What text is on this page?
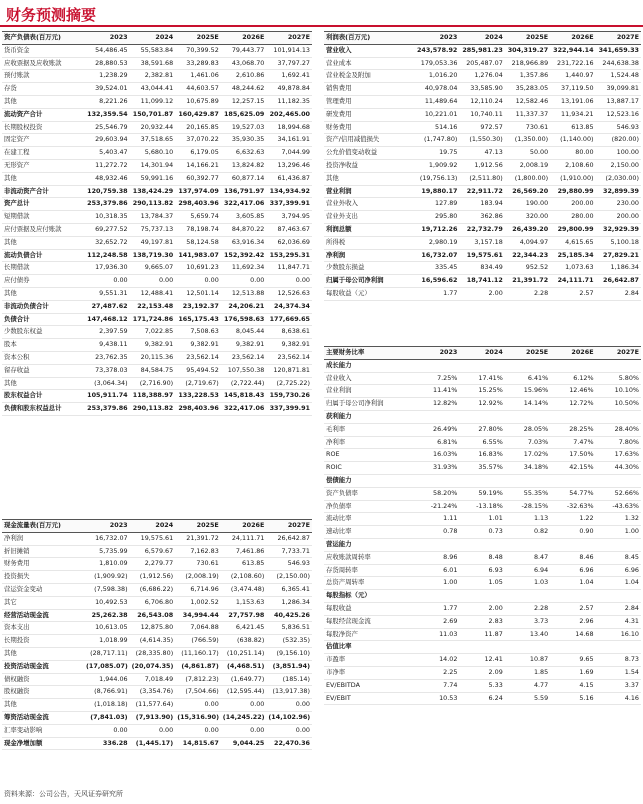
财务预测摘要
资产负债表(百万元)	2023	2024	2025E	2026E	2027E
货币资金	54,486.45	55,583.84	70,399.52	79,443.77	101,914.13
应收票据及应收账款	28,880.53	38,591.68	33,289.83	43,068.70	37,797.27
预付账款	1,238.29	2,382.81	1,461.06	2,610.86	1,692.41
存货	39,524.01	43,044.41	44,603.57	48,244.62	49,878.84
其他	8,221.26	11,099.12	10,675.89	12,257.15	11,182.35
流动资产合计	132,359.54	150,701.87	160,429.87	185,625.09	202,465.00
长期股权投资	25,546.79	20,932.44	20,165.85	19,527.03	18,994.68
固定资产	29,603.94	37,518.65	37,070.22	35,930.35	34,161.91
在建工程	5,403.47	5,680.10	6,179.05	6,632.63	7,044.99
无形资产	11,272.72	14,301.94	14,166.21	13,824.82	13,296.46
其他	48,932.46	59,991.16	60,392.77	60,877.14	61,436.87
非流动资产合计	120,759.38	138,424.29	137,974.09	136,791.97	134,934.92
资产总计	253,379.86	290,113.82	298,403.96	322,417.06	337,399.91
短期借款	10,318.35	13,784.37	5,659.74	3,605.85	3,794.95
应付票据及应付账款	69,277.52	75,737.13	78,198.74	84,870.22	87,463.67
其他	32,652.72	49,197.81	58,124.58	63,916.34	62,036.69
流动负债合计	112,248.58	138,719.30	141,983.07	152,392.42	153,295.31
长期借款	17,936.30	9,665.07	10,691.23	11,692.34	11,847.71
应付债券	0.00	0.00	0.00	0.00	0.00
其他	9,551.31	12,488.41	12,501.14	12,513.88	12,526.63
非流动负债合计	27,487.62	22,153.48	23,192.37	24,206.21	24,374.34
负债合计	147,468.12	171,724.86	165,175.43	176,598.63	177,669.65
少数股东权益	2,397.59	7,022.85	7,508.63	8,045.44	8,638.61
股本	9,438.11	9,382.91	9,382.91	9,382.91	9,382.91
资本公积	23,762.35	20,115.36	23,562.14	23,562.14	23,562.14
留存收益	73,378.03	84,584.75	95,494.52	107,550.38	120,871.81
其他	(3,064.34)	(2,716.90)	(2,719.67)	(2,722.44)	(2,725.22)
股东权益合计	105,911.74	118,388.97	133,228.53	145,818.43	159,730.26
负债和股东权益总计	253,379.86	290,113.82	298,403.96	322,417.06	337,399.91
现金流量表(百万元)	2023	2024	2025E	2026E	2027E
净利润	16,732.07	19,575.61	21,391.72	24,111.71	26,642.87
折旧摊销	5,735.99	6,579.67	7,162.83	7,461.86	7,733.71
财务费用	1,810.09	2,279.77	730.61	613.85	546.93
投资损失	(1,909.92)	(1,912.56)	(2,008.19)	(2,108.60)	(2,150.00)
营运资金变动	(7,598.38)	(6,686.22)	6,714.96	(3,474.48)	6,365.41
其它	10,492.53	6,706.80	1,002.52	1,153.63	1,286.34
经营活动现金流	25,262.38	26,543.08	34,994.44	27,757.98	40,425.26
资本支出	10,613.05	12,875.80	7,064.88	6,421.45	5,836.51
长期投资	1,018.99	(4,614.35)	(766.59)	(638.82)	(532.35)
其他	(28,717.11)	(28,335.80)	(11,160.17)	(10,251.14)	(9,156.10)
投资活动现金流	(17,085.07)	(20,074.35)	(4,861.87)	(4,468.51)	(3,851.94)
债权融资	1,944.06	7,018.49	(7,812.23)	(1,649.77)	(185.14)
股权融资	(8,766.91)	(3,354.76)	(7,504.66)	(12,595.44)	(13,917.38)
其他	(1,018.18)	(11,577.64)	0.00	0.00	0.00
筹资活动现金流	(7,841.03)	(7,913.90)	(15,316.90)	(14,245.22)	(14,102.96)
汇率变动影响	0.00	0.00	0.00	0.00	0.00
现金净增加额	336.28	(1,445.17)	14,815.67	9,044.25	22,470.36
利润表(百万元)	2023	2024	2025E	2026E	2027E
营业收入	243,578.92	285,981.23	304,319.27	322,944.14	341,659.33
营业成本	179,053.36	205,487.07	218,966.89	231,722.16	244,638.38
营业税金及附加	1,016.20	1,276.04	1,357.86	1,440.97	1,524.48
销售费用	40,978.04	33,585.90	35,283.05	37,119.50	39,099.81
管理费用	11,489.64	12,110.24	12,582.46	13,191.06	13,887.17
研发费用	10,221.01	10,740.11	11,337.37	11,934.21	12,523.16
财务费用	514.16	972.57	730.61	613.85	546.93
资产/信用减值损失	(1,747.80)	(1,550.30)	(1,350.00)	(1,140.00)	(820.00)
公允价值变动收益	19.75	47.13	50.00	80.00	100.00
投资净收益	1,909.92	1,912.56	2,008.19	2,108.60	2,150.00
其他	(19,756.13)	(2,511.80)	(1,800.00)	(1,910.00)	(2,030.00)
营业利润	19,880.17	22,911.72	26,569.20	29,880.99	32,899.39
营业外收入	127.89	183.94	190.00	200.00	230.00
营业外支出	295.80	362.86	320.00	280.00	200.00
利润总额	19,712.26	22,732.79	26,439.20	29,800.99	32,929.39
所得税	2,980.19	3,157.18	4,094.97	4,615.65	5,100.18
净利润	16,732.07	19,575.61	22,344.23	25,185.34	27,829.21
少数股东损益	335.45	834.49	952.52	1,073.63	1,186.34
归属于母公司净利润	16,596.62	18,741.12	21,391.72	24,111.71	26,642.87
每股收益（元）	1.77	2.00	2.28	2.57	2.84
主要财务比率	2023	2024	2025E	2026E	2027E
成长能力					
营业收入	7.25%	17.41%	6.41%	6.12%	5.80%
营业利润	11.41%	15.25%	15.96%	12.46%	10.10%
归属于母公司净利润	12.82%	12.92%	14.14%	12.72%	10.50%
获利能力					
毛利率	26.49%	27.80%	28.05%	28.25%	28.40%
净利率	6.81%	6.55%	7.03%	7.47%	7.80%
ROE	16.03%	16.83%	17.02%	17.50%	17.63%
ROIC	31.93%	35.57%	34.18%	42.15%	44.30%
偿债能力					
资产负债率	58.20%	59.19%	55.35%	54.77%	52.66%
净负债率	-21.24%	-13.18%	-28.15%	-32.63%	-43.63%
流动比率	1.11	1.01	1.13	1.22	1.32
速动比率	0.78	0.73	0.82	0.90	1.00
营运能力					
应收账款周转率	8.96	8.48	8.47	8.46	8.45
存货周转率	6.01	6.93	6.94	6.96	6.96
总资产周转率	1.00	1.05	1.03	1.04	1.04
每股指标（元）					
每股收益	1.77	2.00	2.28	2.57	2.84
每股经营现金流	2.69	2.83	3.73	2.96	4.31
每股净资产	11.03	11.87	13.40	14.68	16.10
估值比率					
市盈率	14.02	12.41	10.87	9.65	8.73
市净率	2.25	2.09	1.85	1.69	1.54
EV/EBITDA	7.74	5.33	4.77	4.15	3.37
EV/EBIT	10.53	6.24	5.59	5.16	4.16
资料来源：公司公告，天风证券研究所
